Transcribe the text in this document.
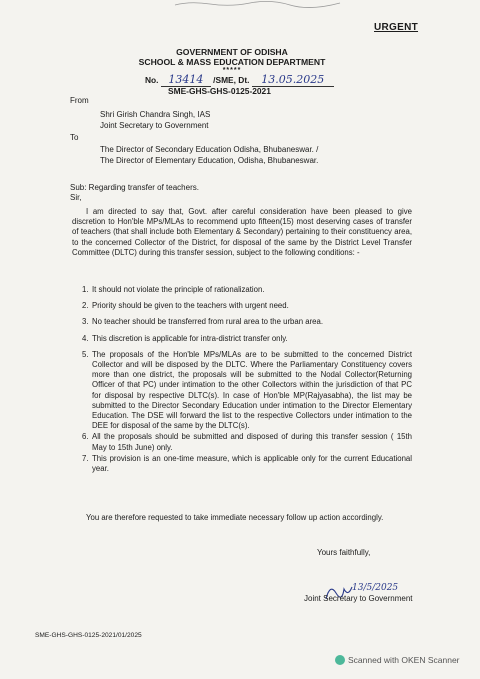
URGENT
GOVERNMENT OF ODISHA
SCHOOL & MASS EDUCATION DEPARTMENT
*****
No. 13414 /SME, Dt. 13.05.2025
SME-GHS-GHS-0125-2021
From
Shri Girish Chandra Singh, IAS
Joint Secretary to Government
To
The Director of Secondary Education Odisha, Bhubaneswar. /
The Director of Elementary Education, Odisha, Bhubaneswar.
Sub: Regarding transfer of teachers.
Sir,
I am directed to say that, Govt. after careful consideration have been pleased to give discretion to Hon'ble MPs/MLAs to recommend upto fifteen(15) most deserving cases of transfer of teachers (that shall include both Elementary & Secondary) pertaining to their constituency area, to the concerned Collector of the District, for disposal of the same by the District Level Transfer Committee (DLTC) during this transfer session, subject to the following conditions: -
1. It should not violate the principle of rationalization.
2. Priority should be given to the teachers with urgent need.
3. No teacher should be transferred from rural area to the urban area.
4. This discretion is applicable for intra-district transfer only.
5. The proposals of the Hon'ble MPs/MLAs are to be submitted to the concerned District Collector and will be disposed by the DLTC. Where the Parliamentary Constituency covers more than one district, the proposals will be submitted to the Nodal Collector(Returning Officer of that PC) under intimation to the other Collectors within the jurisdiction of that PC for disposal by respective DLTC(s). In case of Hon'ble MP(Rajyasabha), the list may be submitted to the Director Secondary Education under intimation to the Director Elementary Education. The DSE will forward the list to the respective Collectors under intimation to the DEE for disposal of the same by the DLTC(s).
6. All the proposals should be submitted and disposed of during this transfer session ( 15th May to 15th June) only.
7. This provision is an one-time measure, which is applicable only for the current Educational year.
You are therefore requested to take immediate necessary follow up action accordingly.
Yours faithfully,
13/5/2025
Joint Secretary to Government
SME-GHS-GHS-0125-2021/01/2025
Scanned with OKEN Scanner
